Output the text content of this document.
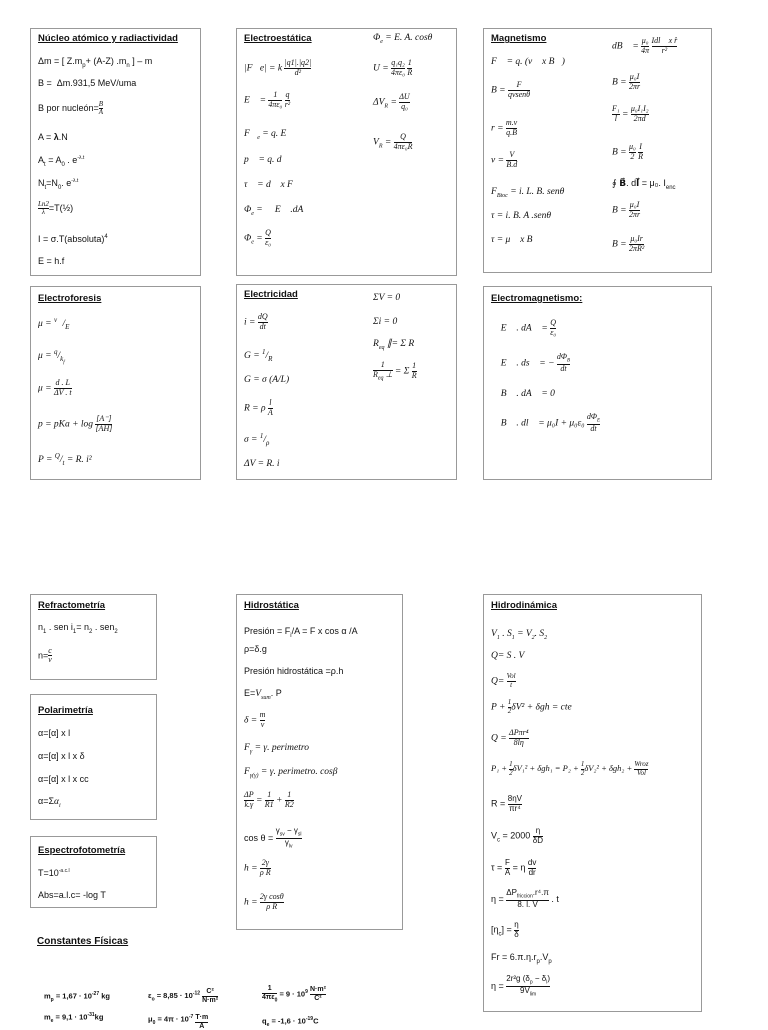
Núcleo atómico y radiactividad
Δm = [ $Z.m_p+ (A-Z)$ $.m_n$ ] – m
B =  Δm.931,5 MeV/uma
B por nucleón= $\frac{B}{A}$
A = λ.N
$A_t = A_0$ . $e^{-\lambda.t}$
$N_t=N_0$. $e^{-\lambda.t}$
$\frac{Ln2}{\lambda}$ =T(½)
I = σ.T(absoluta)$^4$
E = h.f
Electroestática
|F⃗e| = k $\frac{|q1|.|q2|}{\text{d²}}$
E⃗ = $\frac{1}{\text{4πε₀}}$
$\frac{q}{\text{r²}}$
$F⃗_e = q$. E⃗
p⃗ = q. d⃗
τ⃗ = d⃗ x F⃗
$\Phi_e$ = ∮ E⃗ .dA⃗
$\Phi_e = \frac{Q}{\text{ε₀}}$
$\Phi_e = E$. A. cosθ
$U = \frac{\text{q₁q₂}}{\text{4πε₀}}$
$\frac{1}{R}$
$\Delta V_R = \frac{\Delta U}{\text{q₀}}$
$V_R = \frac{Q}{\text{4πε₀R}}$
Magnetismo
F⃗ = q. (v⃗ x B⃗)
B =
F
qvsenθ
$r = \frac{m.v}{q.B}$
$v = \frac{V}{B.d}$
$F_{Btoc} = i$. L. B. senθ
τ = i. B. A .senθ
τ = μ⃗ x B⃗
dB⃗ = $\frac{\text{μ₀}}{4\pi}$
Idl⃗ x r̂
r²
$B = \frac{\text{μ₀I}}{2\pi r}$
$\frac{\text{F₁}}{l} = \frac{\text{μ₀I₁I₂}}{2\pi d}$
$B = \frac{\text{μ₀}}{2}$
$\frac{I}{R}$
∮ B⃗. dl⃗ = μ₀. $I_{enc}$
$B = \frac{\text{μ₀I}}{2\pi r}$
$B = \frac{\text{μ₀Ir}}{\text{2πR²}}$
Electroforesis
$\mu = ^{v⃗}/_{E⃗}$
$\mu = ^q/_{k_f}$
$\mu = \frac{d . L}{\Delta V . t}$
p = pKa + $\log \frac{[A^-]}{[AH]}$
$P = ^Q/_t = R$. i²
Electricidad
$i = \frac{dQ}{dt}$
$G = ^1/_R$
G = σ (A/L)
R = ρ $\frac{l}{A}$
$\sigma = ^1/_\rho$
ΔV = R. i
ΣV = 0
Σi = 0
$R_{eq}$ ∥= Σ R
1
$R_{eq}$ ⊥ = Σ $\frac{1}{R}$
Electromagnetismo:
∯ E⃗ . dA⃗ = $\frac{Q}{\text{ε₀}}$
∮ E⃗ . ds⃗ = −
$d\Phi_B$
dt
∯ B⃗ . dA⃗ = 0
∮ B⃗ . dl⃗ = μ₀I + μ₀ε₀
$d\Phi_E$
dt
Refractometría
$n_1$ . sen $i_1= n_2$ . sen$_2$
$n= \frac{c}{v}$
Polarimetría
α=[α] x l
α=[α] x l x δ
α=[α] x l x cc
$\alpha=\Sigma\alpha_i$
Espectrofotometría
$T=10^{-a.c.l}$
Abs=a.l.c= -log T
Hidrostática
Presión = $F_i/A = F$ x cos α /A
ρ=δ.g
Presión hidrostática =ρ.h
$E=V_{sum}$. P
$\delta = \frac{m}{v}$
$F_\gamma = \gamma$. perimetro
$F_{\gamma(\gamma)} = \gamma$. perimetro. cosβ
$\frac{\Delta P}{k.\gamma} = \frac{1}{R1} + \frac{1}{R2}$
cos θ =
$\gamma_{sv} - \gamma_{sl}$
$\gamma_{lv}$
$h = \frac{2\gamma}{\text{ρ R}}$
$h = \frac{\text{2γ cosθ}}{\text{ρ R}}$
Hidrodinámica
$V_1$ . $S_1 = V_2$. $S_2$
Q= S . V
Q=
Vol
t
$P + \frac{1}{2} \delta V^2 + \delta gh$ = cte
Q =
ΔPπr⁴
8lη
$P_1 + \frac{1}{2} \delta V_1^2 + \delta gh_1 = P_2 + \frac{1}{2} \delta V_2^2 + \delta gh_2$ + Wroz
Vol
$R = \frac{8\eta V}{\text{πr⁴}}$
$V_c = 2000 \frac{\eta}{\delta D}$
$\tau = \frac{F}{A} = \eta \frac{dv}{dr}$
η =
$\Delta P_{friccion}.r^4.\pi$
8. l. V
. t
$[\eta_c] = \frac{\eta}{\delta}$
$Fr = 6.\pi.\eta.r_p.V_p$
$\eta = \frac{2r^2g (\delta_p - \delta_l)}{9V_{lim}}$
Constantes Físicas
$m_p = 1,67 \cdot 10^{-27}$ kg	$\varepsilon_o = 8,85 \cdot 10^{-12} \frac{\text{C²}}{\text{N·m²}}$	$\frac{1}{4\pi\varepsilon_0} = 9 \cdot 10^9 \frac{\text{N·m²}}{\text{C²}}$
$m_e = 9,1 \cdot 10^{-31}kg$	$\mu_0 = 4\pi \cdot 10^{-7} \frac{T\cdot m}{A}$	$q_e = -1,6 \cdot 10^{-19}C$
